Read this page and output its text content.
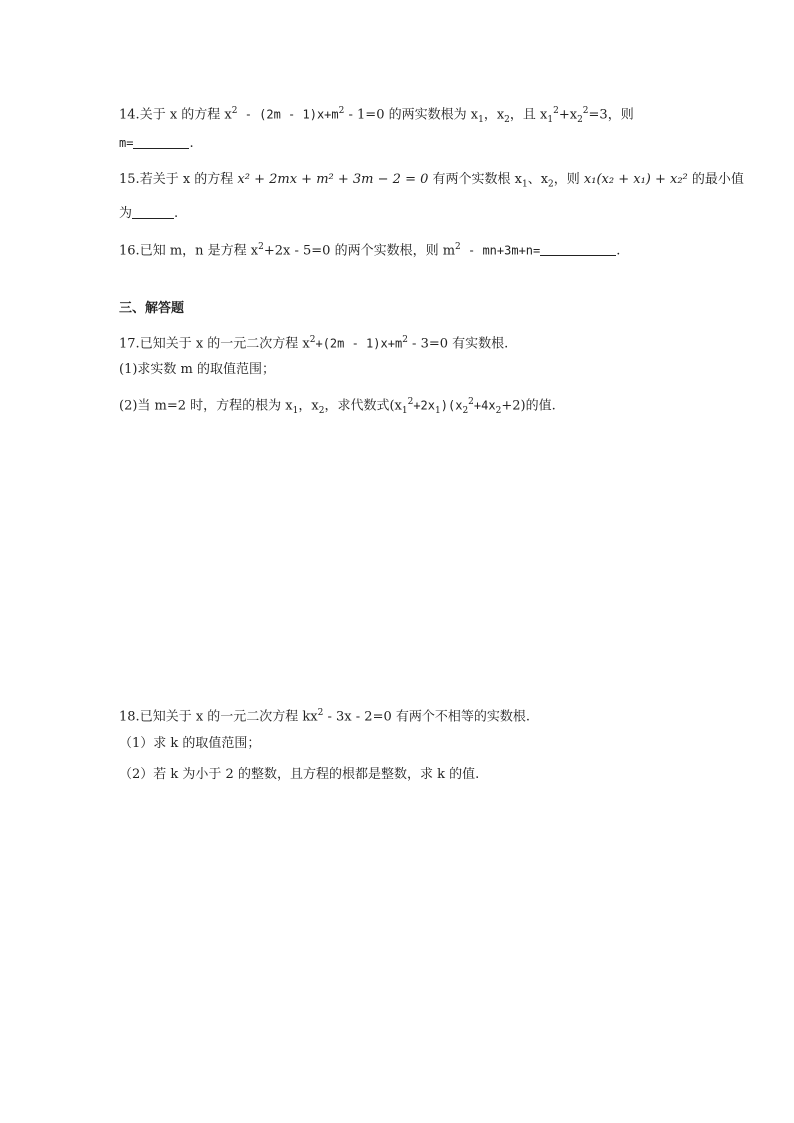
14.关于 x 的方程 $x^2 - (2m - 1)x+m^2 - 1=0$ 的两实数根为 $x_1$，$x_2$，且 $x_1^2+x_2^2=3$，则
m=	.
15.若关于 x 的方程 x² + 2mx + m² + 3m − 2 = 0 有两个实数根 $x_1$、$x_2$，则 x₁(x₂ + x₁) + x₂² 的最小值
为	.
16.已知 m，n 是方程 $x^2+2x - 5=0$ 的两个实数根，则 $m^2 - mn+3m+n=$	.
三、解答题
17.已知关于 x 的一元二次方程 $x^2+(2m - 1)x+m^2 - 3=0$ 有实数根.
(1)求实数 m 的取值范围；
(2)当 m=2 时，方程的根为 $x_1$，$x_2$，求代数式$(x_1^2+2x_1)(x_2^2+4x_2+2)$的值.
18.已知关于 x 的一元二次方程 $kx^2 - 3x - 2=0$ 有两个不相等的实数根.
（1）求 k 的取值范围；
（2）若 k 为小于 2 的整数，且方程的根都是整数，求 k 的值.
